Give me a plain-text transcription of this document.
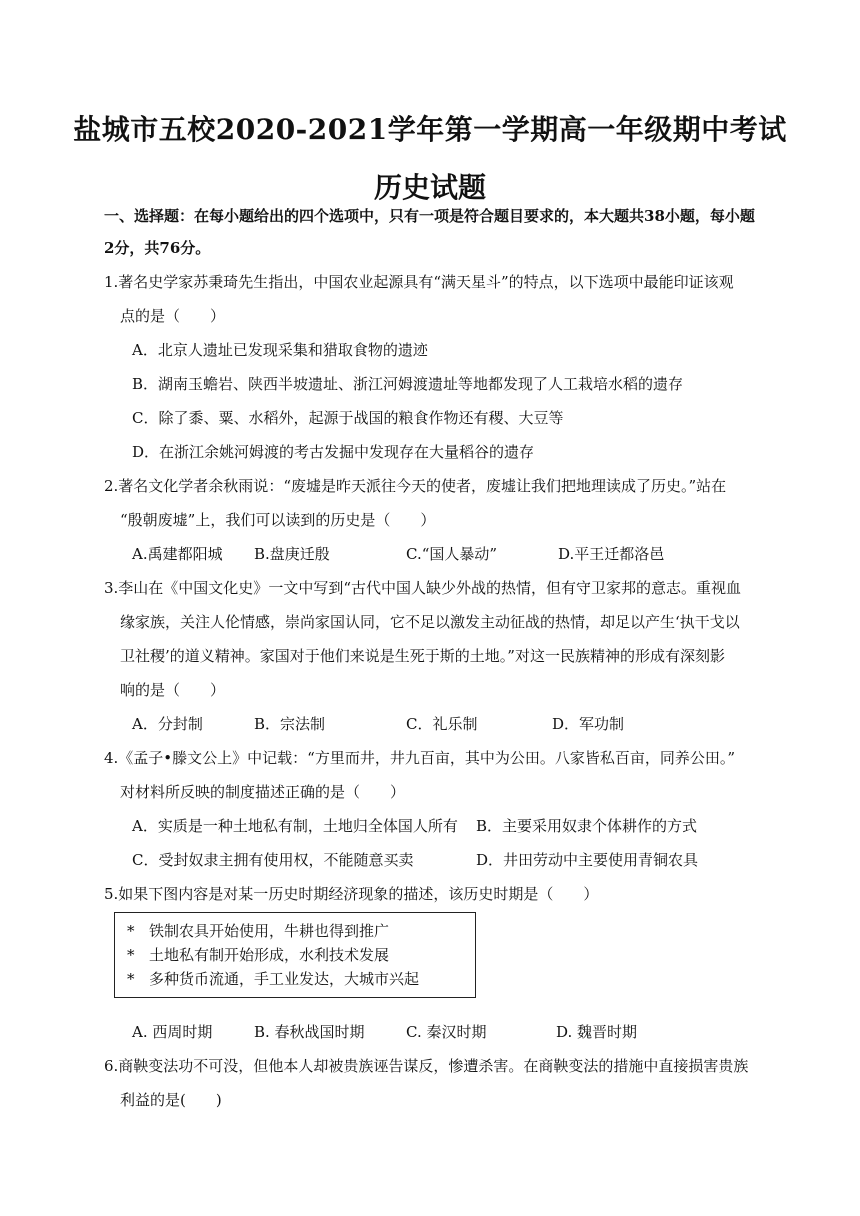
盐城市五校2020-2021学年第一学期高一年级期中考试
历史试题
一、选择题：在每小题给出的四个选项中，只有一项是符合题目要求的，本大题共38小题，每小题
2分，共76分。
1.著名史学家苏秉琦先生指出，中国农业起源具有“满天星斗”的特点，以下选项中最能印证该观
点的是（　　）
A．北京人遗址已发现采集和猎取食物的遗迹
B．湖南玉蟾岩、陕西半坡遗址、浙江河姆渡遗址等地都发现了人工栽培水稻的遗存
C．除了黍、粟、水稻外，起源于战国的粮食作物还有稷、大豆等
D．在浙江余姚河姆渡的考古发掘中发现存在大量稻谷的遗存
2.著名文化学者余秋雨说：“废墟是昨天派往今天的使者，废墟让我们把地理读成了历史。”站在
“殷朝废墟”上，我们可以读到的历史是（　　）
A.禹建都阳城 B.盘庚迁殷	C.“国人暴动”	D.平王迁都洛邑
3.李山在《中国文化史》一文中写到“古代中国人缺少外战的热情，但有守卫家邦的意志。重视血
缘家族，关注人伦情感，崇尚家国认同，它不足以激发主动征战的热情，却足以产生‘执干戈以
卫社稷’的道义精神。家国对于他们来说是生死于斯的土地。”对这一民族精神的形成有深刻影
响的是（　　）
A．分封制	B．宗法制	C．礼乐制	D．军功制
4.《孟子•滕文公上》中记载：“方里而井，井九百亩，其中为公田。八家皆私百亩，同养公田。”
对材料所反映的制度描述正确的是（　　）
A．实质是一种土地私有制，土地归全体国人所有 B．主要采用奴隶个体耕作的方式
C．受封奴隶主拥有使用权，不能随意买卖	D．井田劳动中主要使用青铜农具
5.如果下图内容是对某一历史时期经济现象的描述，该历史时期是（　　）
* 铁制农具开始使用，牛耕也得到推广
* 土地私有制开始形成，水利技术发展
* 多种货币流通，手工业发达，大城市兴起
A. 西周时期	B. 春秋战国时期	C. 秦汉时期	D. 魏晋时期
6.商鞅变法功不可没，但他本人却被贵族诬告谋反，惨遭杀害。在商鞅变法的措施中直接损害贵族
利益的是(　　)
